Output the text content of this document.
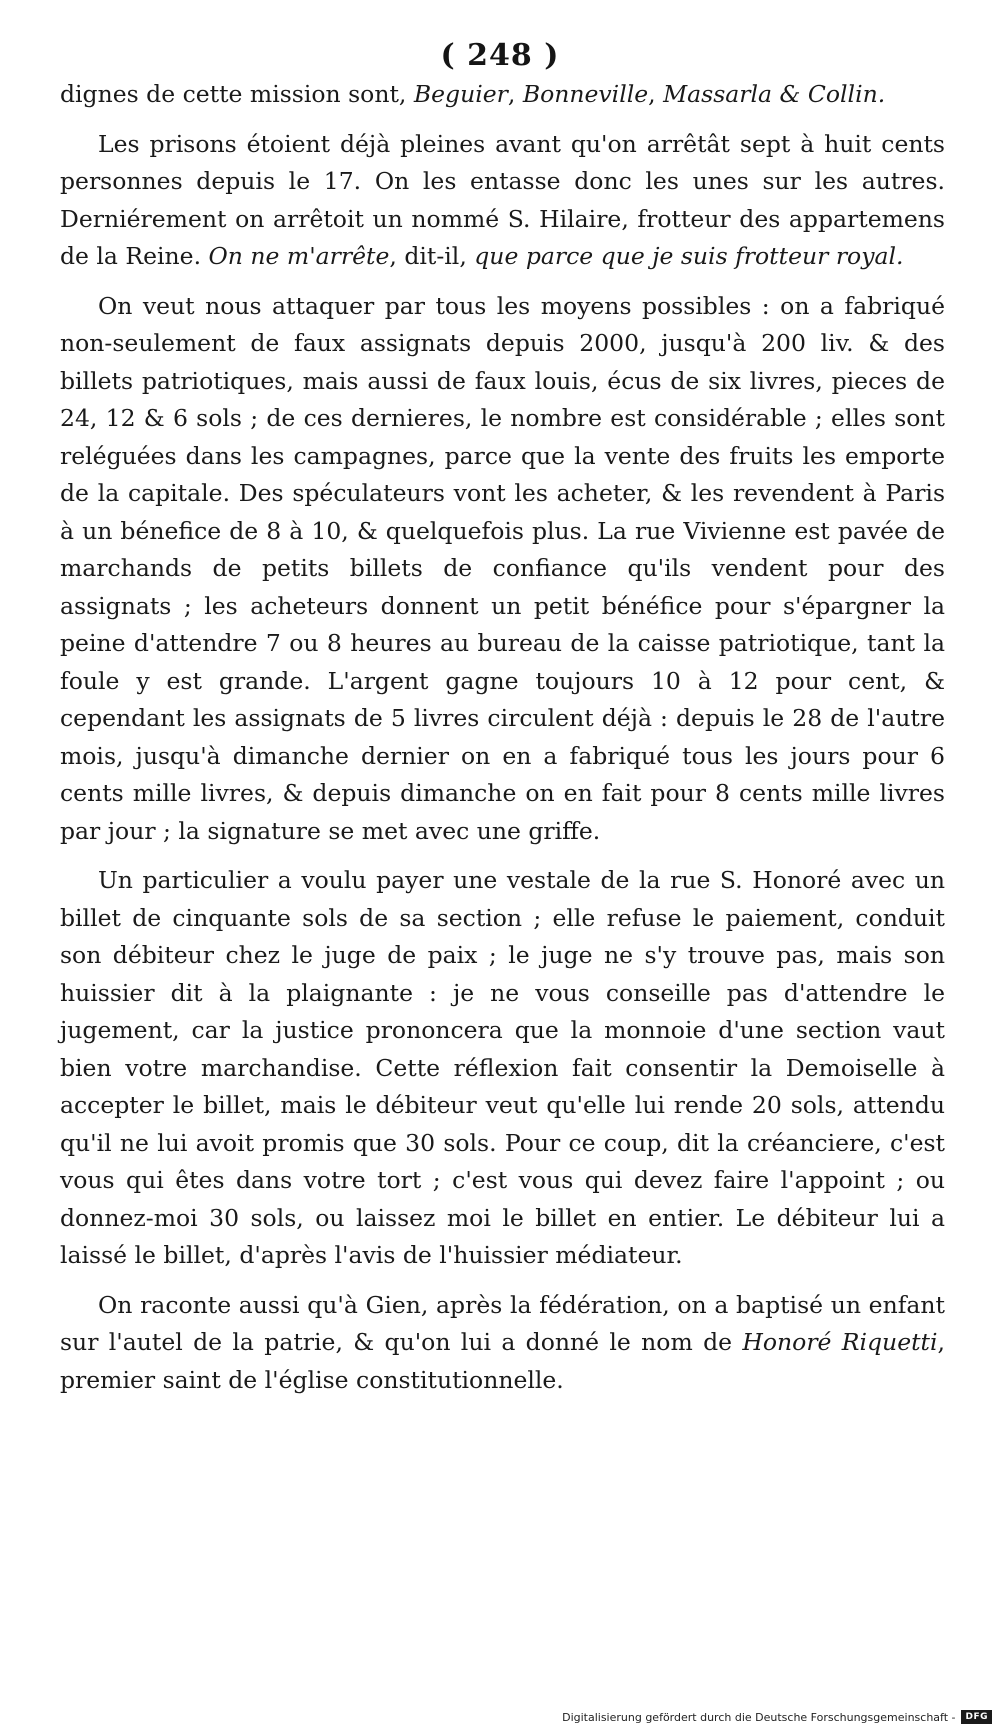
( 248 )

dignes de cette mission sont, Beguier, Bonneville, Massarla & Collin.

Les prisons étoient déjà pleines avant qu'on arrêtât sept à huit cents personnes depuis le 17. On les entasse donc les unes sur les autres. Derniérement on arrêtoit un nommé S. Hilaire, frotteur des appartemens de la Reine. On ne m'arrête, dit-il, que parce que je suis frotteur royal.

On veut nous attaquer par tous les moyens possibles : on a fabriqué non-seulement de faux assignats depuis 2000, jusqu'à 200 liv. & des billets patriotiques, mais aussi de faux louis, écus de six livres, pieces de 24, 12 & 6 sols ; de ces dernieres, le nombre est considérable ; elles sont reléguées dans les campagnes, parce que la vente des fruits les emporte de la capitale. Des spéculateurs vont les acheter, & les revendent à Paris à un bénefice de 8 à 10, & quelquefois plus. La rue Vivienne est pavée de marchands de petits billets de confiance qu'ils vendent pour des assignats ; les acheteurs donnent un petit bénéfice pour s'épargner la peine d'attendre 7 ou 8 heures au bureau de la caisse patriotique, tant la foule y est grande. L'argent gagne toujours 10 à 12 pour cent, & cependant les assignats de 5 livres circulent déjà : depuis le 28 de l'autre mois, jusqu'à dimanche dernier on en a fabriqué tous les jours pour 6 cents mille livres, & depuis dimanche on en fait pour 8 cents mille livres par jour ; la signature se met avec une griffe.

Un particulier a voulu payer une vestale de la rue S. Honoré avec un billet de cinquante sols de sa section ; elle refuse le paiement, conduit son débiteur chez le juge de paix ; le juge ne s'y trouve pas, mais son huissier dit à la plaignante : je ne vous conseille pas d'attendre le jugement, car la justice prononcera que la monnoie d'une section vaut bien votre marchandise. Cette réflexion fait consentir la Demoiselle à accepter le billet, mais le débiteur veut qu'elle lui rende 20 sols, attendu qu'il ne lui avoit promis que 30 sols. Pour ce coup, dit la créanciere, c'est vous qui êtes dans votre tort ; c'est vous qui devez faire l'appoint ; ou donnez-moi 30 sols, ou laissez moi le billet en entier. Le débiteur lui a laissé le billet, d'après l'avis de l'huissier médiateur.

On raconte aussi qu'à Gien, après la fédération, on a baptisé un enfant sur l'autel de la patrie, & qu'on lui a donné le nom de Honoré Riquetti, premier saint de l'église constitutionnelle.

Digitalisierung gefördert durch die Deutsche Forschungsgemeinschaft -	DFG
